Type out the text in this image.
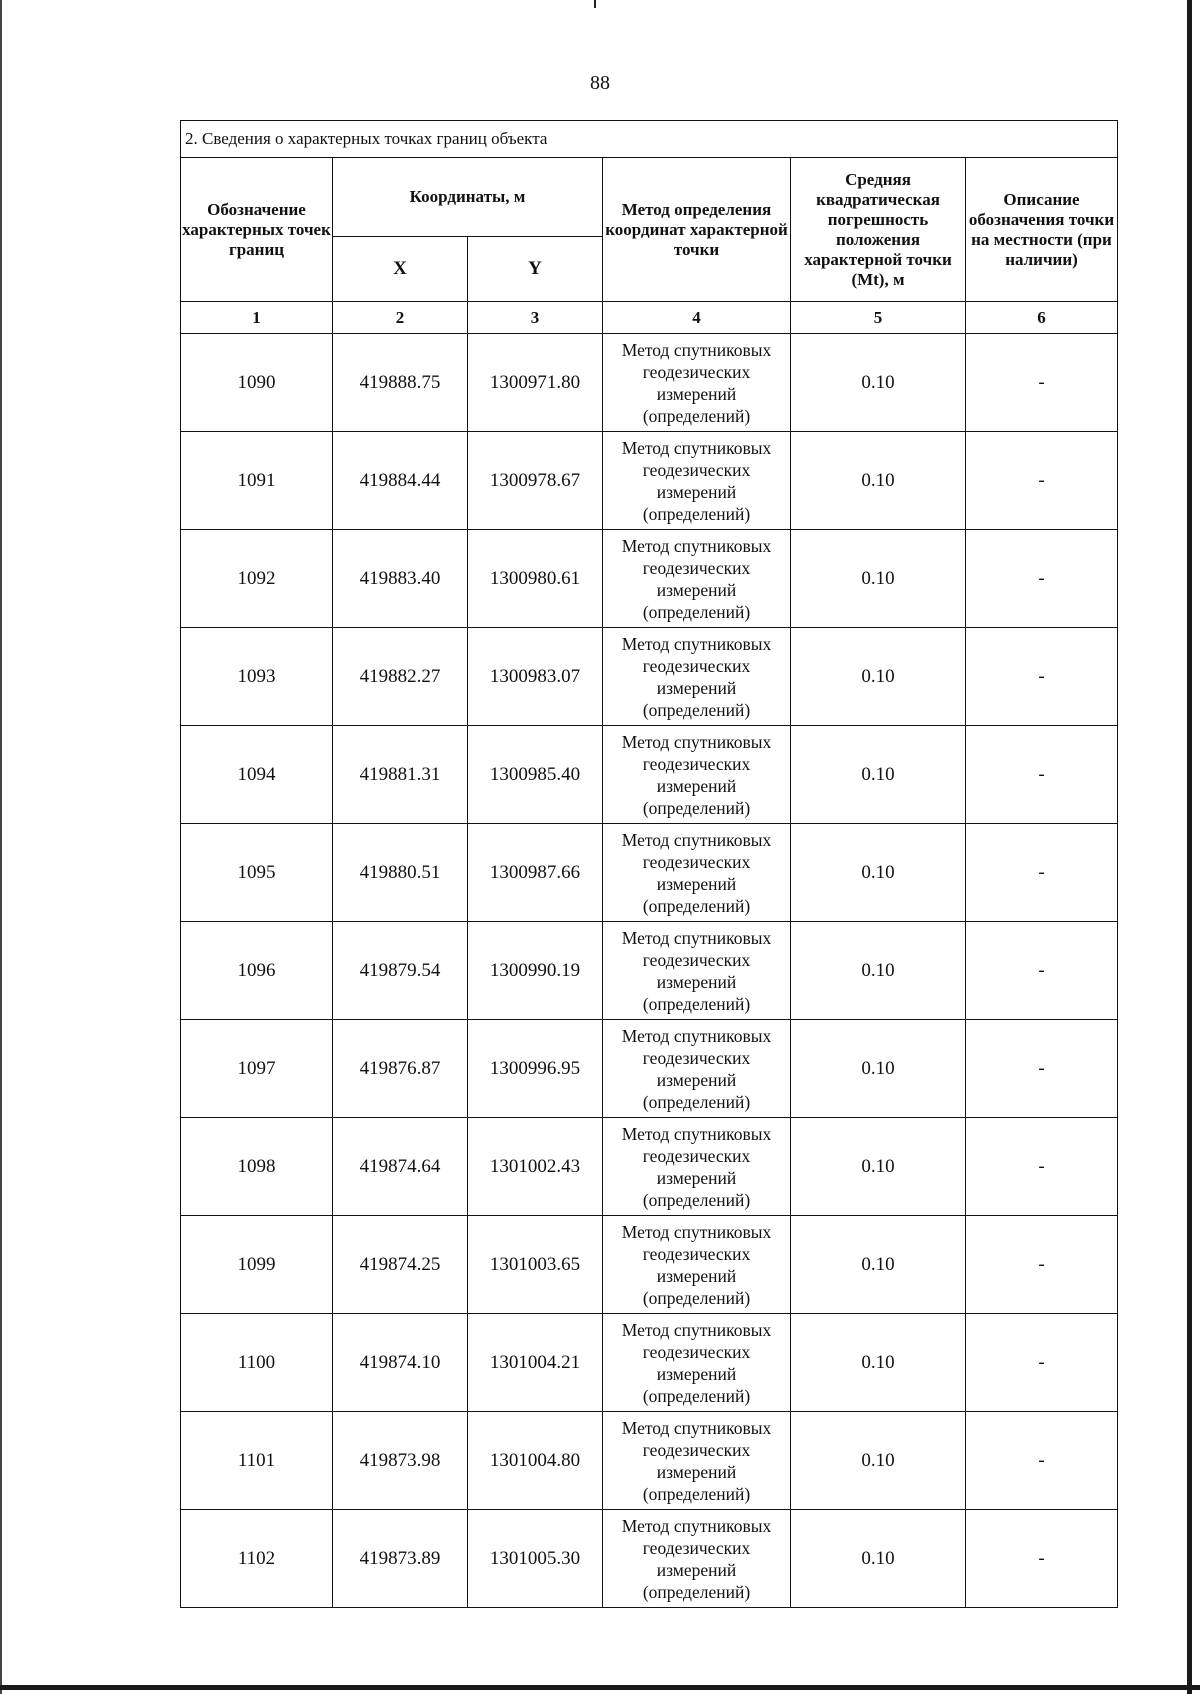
88
2. Сведения о характерных точках границ объекта					
Обозначение характерных точек границ	Координаты, м		Метод определения координат характерной точки	Средняя квадратическая погрешность положения характерной точки (Mt), м	Описание обозначения точки на местности (при наличии)
	X	Y			
1	2	3	4	5	6
1090	419888.75	1300971.80	Метод спутниковых
геодезических
измерений
(определений)	0.10	-
1091	419884.44	1300978.67	Метод спутниковых
геодезических
измерений
(определений)	0.10	-
1092	419883.40	1300980.61	Метод спутниковых
геодезических
измерений
(определений)	0.10	-
1093	419882.27	1300983.07	Метод спутниковых
геодезических
измерений
(определений)	0.10	-
1094	419881.31	1300985.40	Метод спутниковых
геодезических
измерений
(определений)	0.10	-
1095	419880.51	1300987.66	Метод спутниковых
геодезических
измерений
(определений)	0.10	-
1096	419879.54	1300990.19	Метод спутниковых
геодезических
измерений
(определений)	0.10	-
1097	419876.87	1300996.95	Метод спутниковых
геодезических
измерений
(определений)	0.10	-
1098	419874.64	1301002.43	Метод спутниковых
геодезических
измерений
(определений)	0.10	-
1099	419874.25	1301003.65	Метод спутниковых
геодезических
измерений
(определений)	0.10	-
1100	419874.10	1301004.21	Метод спутниковых
геодезических
измерений
(определений)	0.10	-
1101	419873.98	1301004.80	Метод спутниковых
геодезических
измерений
(определений)	0.10	-
1102	419873.89	1301005.30	Метод спутниковых
геодезических
измерений
(определений)	0.10	-
